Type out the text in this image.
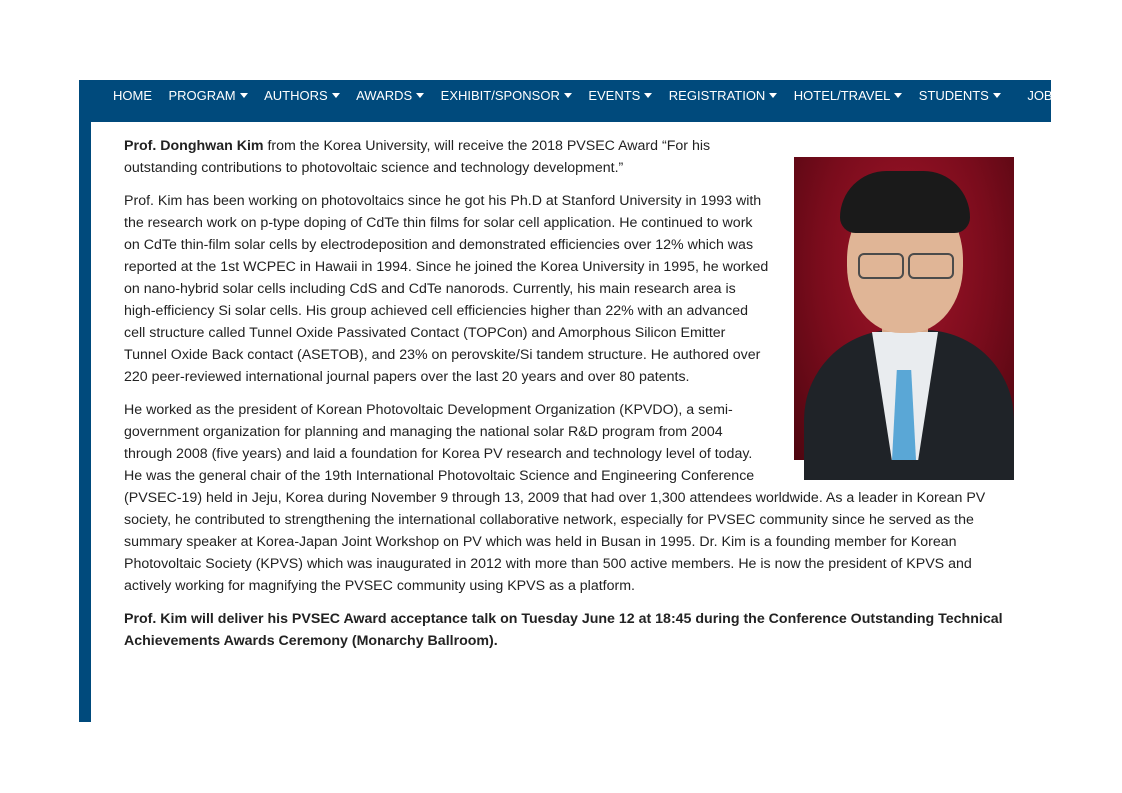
HOME PROGRAM AUTHORS AWARDS EXHIBIT/SPONSOR EVENTS REGISTRATION HOTEL/TRAVEL STUDENTS	JOBS AB

Prof. Donghwan Kim from the Korea University, will receive the 2018 PVSEC Award “For his outstanding contributions to photovoltaic science and technology development.”

Prof. Kim has been working on photovoltaics since he got his Ph.D at Stanford University in 1993 with the research work on p-type doping of CdTe thin films for solar cell application. He continued to work on CdTe thin-film solar cells by electrodeposition and demonstrated efficiencies over 12% which was reported at the 1st WCPEC in Hawaii in 1994. Since he joined the Korea University in 1995, he worked on nano-hybrid solar cells including CdS and CdTe nanorods. Currently, his main research area is high-efficiency Si solar cells. His group achieved cell efficiencies higher than 22% with an advanced cell structure called Tunnel Oxide Passivated Contact (TOPCon) and Amorphous Silicon Emitter Tunnel Oxide Back contact (ASETOB), and 23% on perovskite/Si tandem structure. He authored over 220 peer-reviewed international journal papers over the last 20 years and over 80 patents.

He worked as the president of Korean Photovoltaic Development Organization (KPVDO), a semi-government organization for planning and managing the national solar R&D program from 2004 through 2008 (five years) and laid a foundation for Korea PV research and technology level of today. He was the general chair of the 19th International Photovoltaic Science and Engineering Conference (PVSEC-19) held in Jeju, Korea during November 9 through 13, 2009 that had over 1,300 attendees worldwide. As a leader in Korean PV society, he contributed to strengthening the international collaborative network, especially for PVSEC community since he served as the summary speaker at Korea-Japan Joint Workshop on PV which was held in Busan in 1995. Dr. Kim is a founding member for Korean Photovoltaic Society (KPVS) which was inaugurated in 2012 with more than 500 active members. He is now the president of KPVS and actively working for magnifying the PVSEC community using KPVS as a platform.

Prof. Kim will deliver his PVSEC Award acceptance talk on Tuesday June 12 at 18:45 during the Conference Outstanding Technical Achievements Awards Ceremony (Monarchy Ballroom).
